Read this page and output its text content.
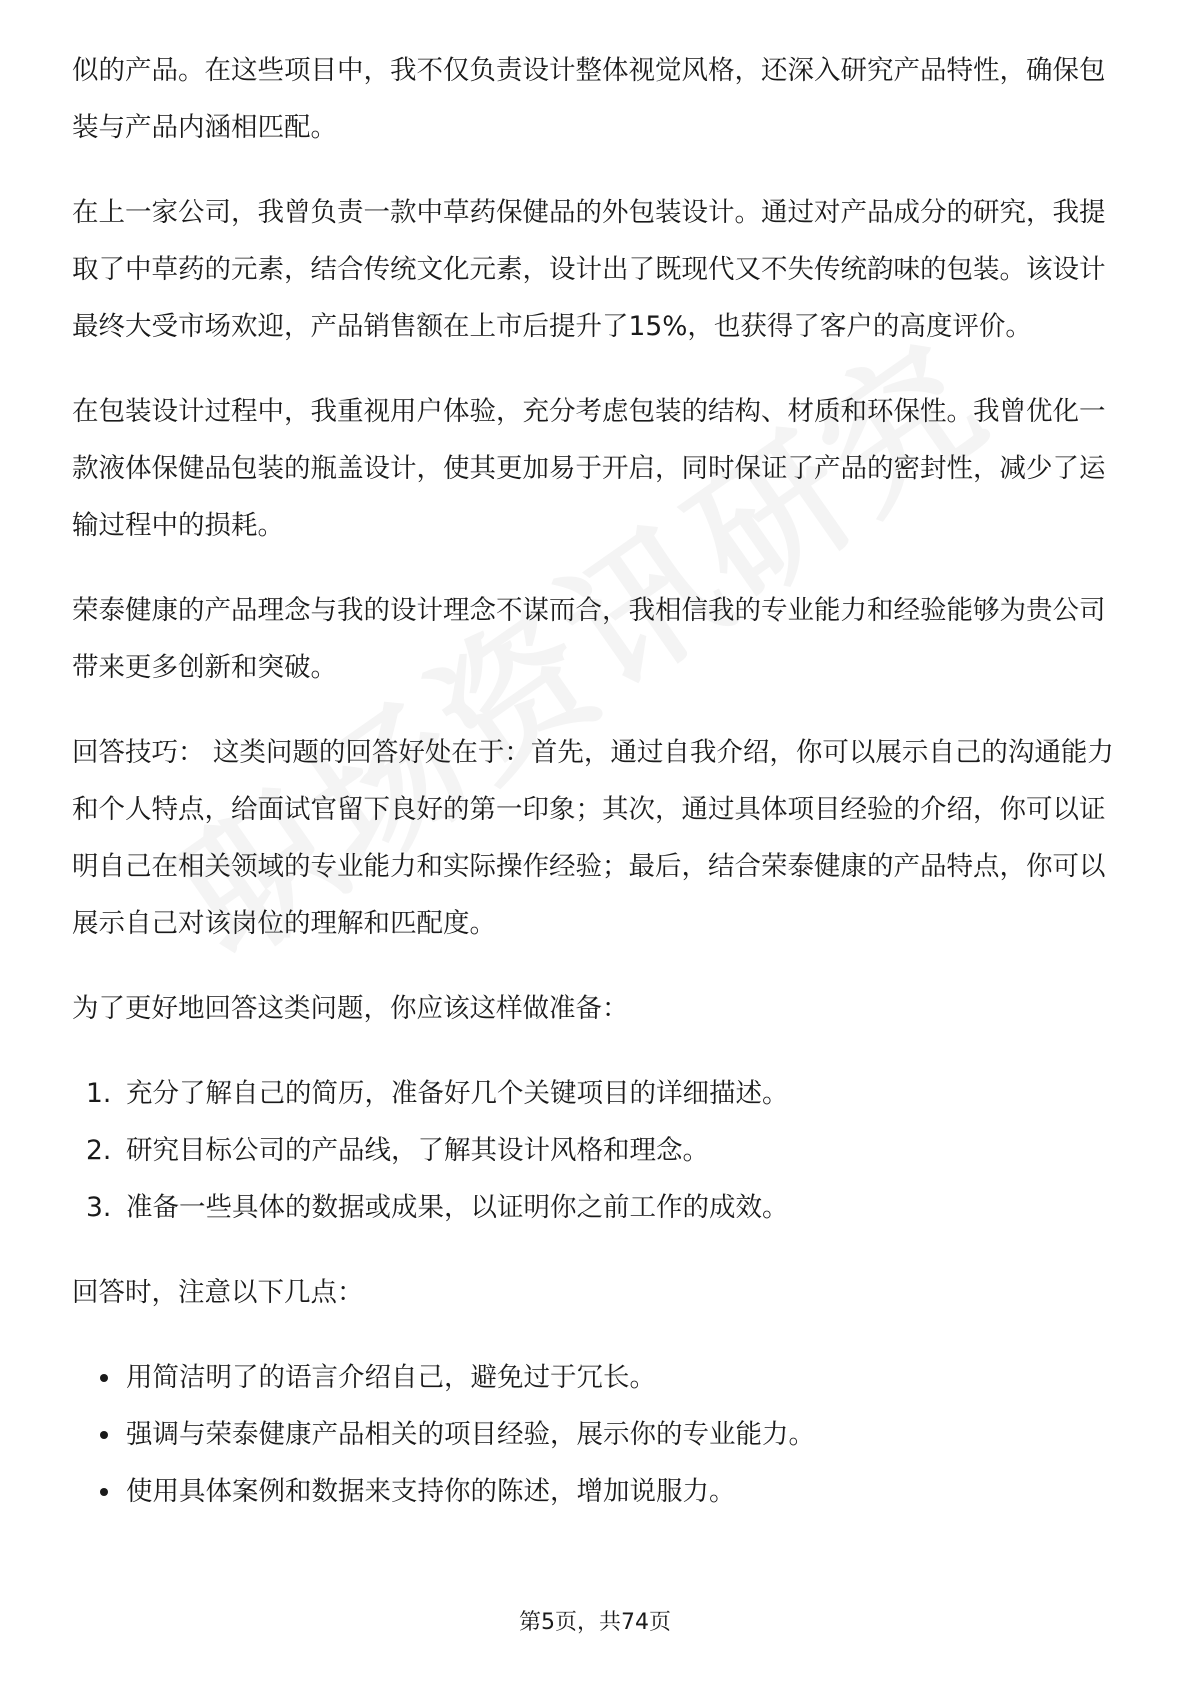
似的产品。在这些项目中，我不仅负责设计整体视觉风格，还深入研究产品特性，确保包装与产品内涵相匹配。

在上一家公司，我曾负责一款中草药保健品的外包装设计。通过对产品成分的研究，我提取了中草药的元素，结合传统文化元素，设计出了既现代又不失传统韵味的包装。该设计最终大受市场欢迎，产品销售额在上市后提升了15%，也获得了客户的高度评价。

在包装设计过程中，我重视用户体验，充分考虑包装的结构、材质和环保性。我曾优化一款液体保健品包装的瓶盖设计，使其更加易于开启，同时保证了产品的密封性，减少了运输过程中的损耗。

荣泰健康的产品理念与我的设计理念不谋而合，我相信我的专业能力和经验能够为贵公司带来更多创新和突破。

回答技巧： 这类问题的回答好处在于：首先，通过自我介绍，你可以展示自己的沟通能力和个人特点，给面试官留下良好的第一印象；其次，通过具体项目经验的介绍，你可以证明自己在相关领域的专业能力和实际操作经验；最后，结合荣泰健康的产品特点，你可以展示自己对该岗位的理解和匹配度。

为了更好地回答这类问题，你应该这样做准备：

1. 充分了解自己的简历，准备好几个关键项目的详细描述。
2. 研究目标公司的产品线，了解其设计风格和理念。
3. 准备一些具体的数据或成果，以证明你之前工作的成效。

回答时，注意以下几点：

用简洁明了的语言介绍自己，避免过于冗长。
强调与荣泰健康产品相关的项目经验，展示你的专业能力。
使用具体案例和数据来支持你的陈述，增加说服力。
第5页，共74页
